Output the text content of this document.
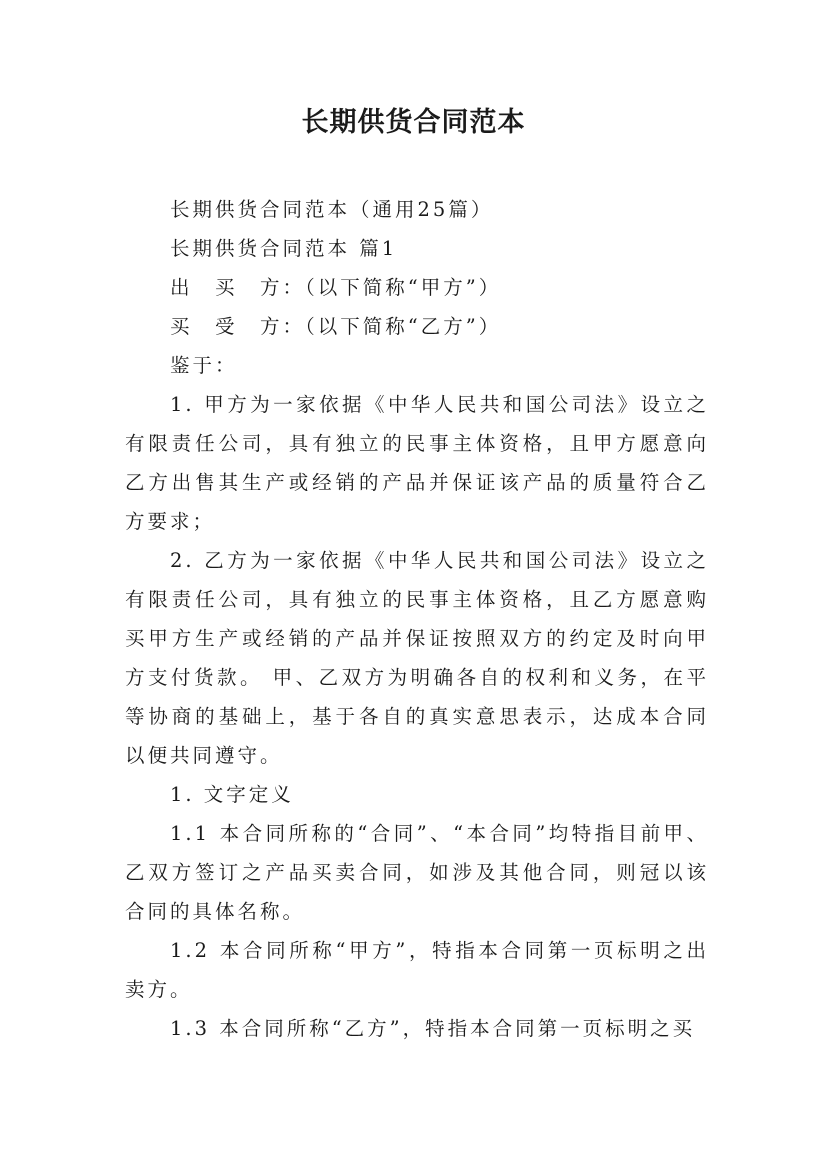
长期供货合同范本

长期供货合同范本（通用25篇）

长期供货合同范本 篇1

出　买　方：（以下简称“甲方”）

买　受　方：（以下简称“乙方”）

鉴于：

1. 甲方为一家依据《中华人民共和国公司法》设立之有限责任公司，具有独立的民事主体资格，且甲方愿意向乙方出售其生产或经销的产品并保证该产品的质量符合乙方要求；

2. 乙方为一家依据《中华人民共和国公司法》设立之有限责任公司，具有独立的民事主体资格，且乙方愿意购买甲方生产或经销的产品并保证按照双方的约定及时向甲方支付货款。 甲、乙双方为明确各自的权利和义务，在平等协商的基础上，基于各自的真实意思表示，达成本合同以便共同遵守。

1. 文字定义

1.1 本合同所称的“合同”、“本合同”均特指目前甲、乙双方签订之产品买卖合同，如涉及其他合同，则冠以该合同的具体名称。

1.2 本合同所称“甲方”，特指本合同第一页标明之出卖方。

1.3 本合同所称“乙方”，特指本合同第一页标明之买
